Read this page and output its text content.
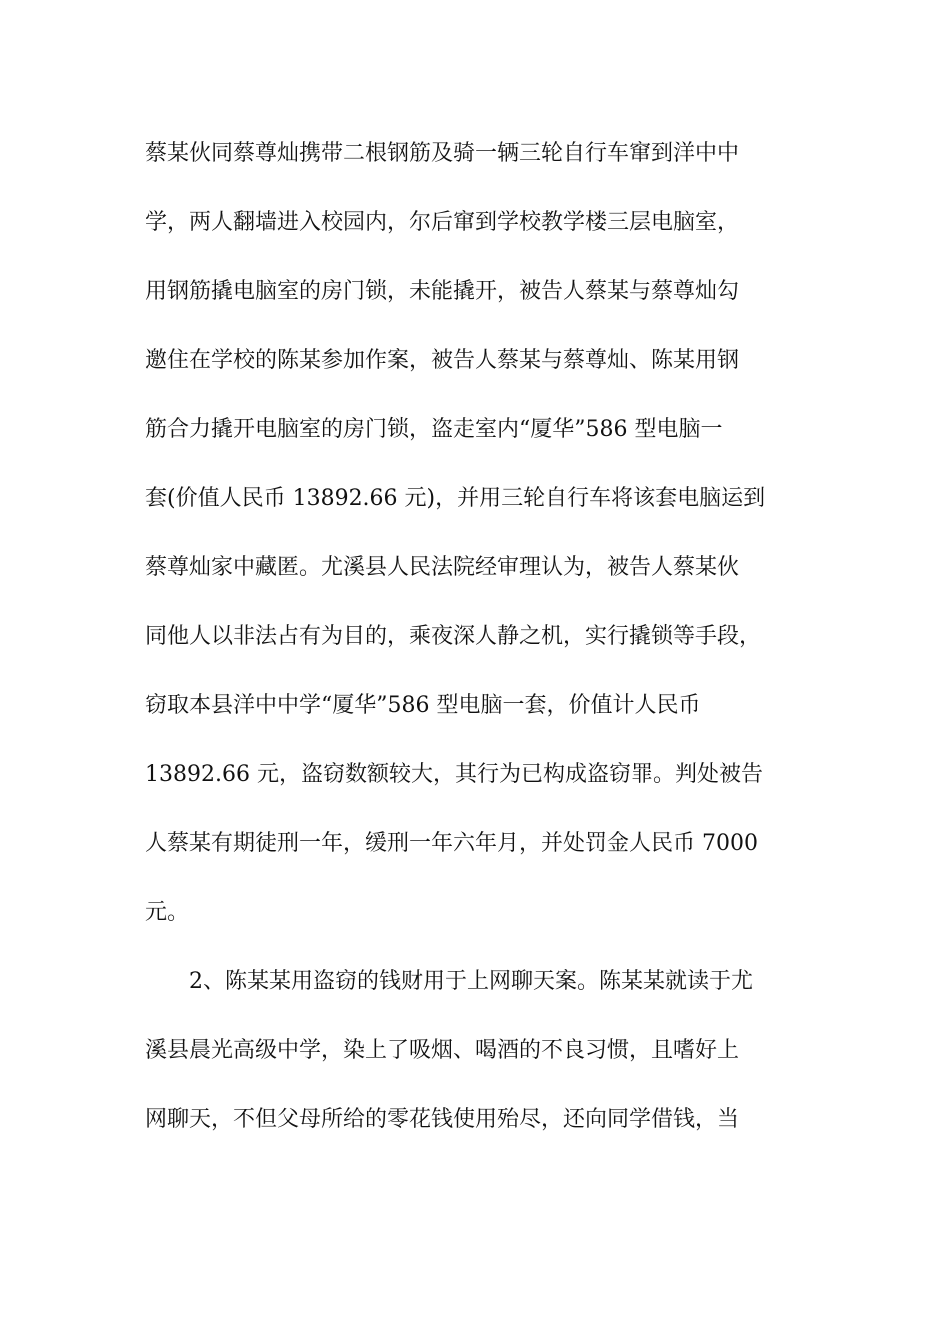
蔡某伙同蔡尊灿携带二根钢筋及骑一辆三轮自行车窜到洋中中
学，两人翻墙进入校园内，尔后窜到学校教学楼三层电脑室，
用钢筋撬电脑室的房门锁，未能撬开，被告人蔡某与蔡尊灿勾
邀住在学校的陈某参加作案，被告人蔡某与蔡尊灿、陈某用钢
筋合力撬开电脑室的房门锁，盗走室内“厦华”586 型电脑一
套(价值人民币 13892.66 元)，并用三轮自行车将该套电脑运到
蔡尊灿家中藏匿。尤溪县人民法院经审理认为，被告人蔡某伙
同他人以非法占有为目的，乘夜深人静之机，实行撬锁等手段，
窃取本县洋中中学“厦华”586 型电脑一套，价值计人民币
13892.66 元，盗窃数额较大，其行为已构成盗窃罪。判处被告
人蔡某有期徒刑一年，缓刑一年六年月，并处罚金人民币 7000
元。
2、陈某某用盗窃的钱财用于上网聊天案。陈某某就读于尤
溪县晨光高级中学，染上了吸烟、喝酒的不良习惯，且嗜好上
网聊天，不但父母所给的零花钱使用殆尽，还向同学借钱，当
